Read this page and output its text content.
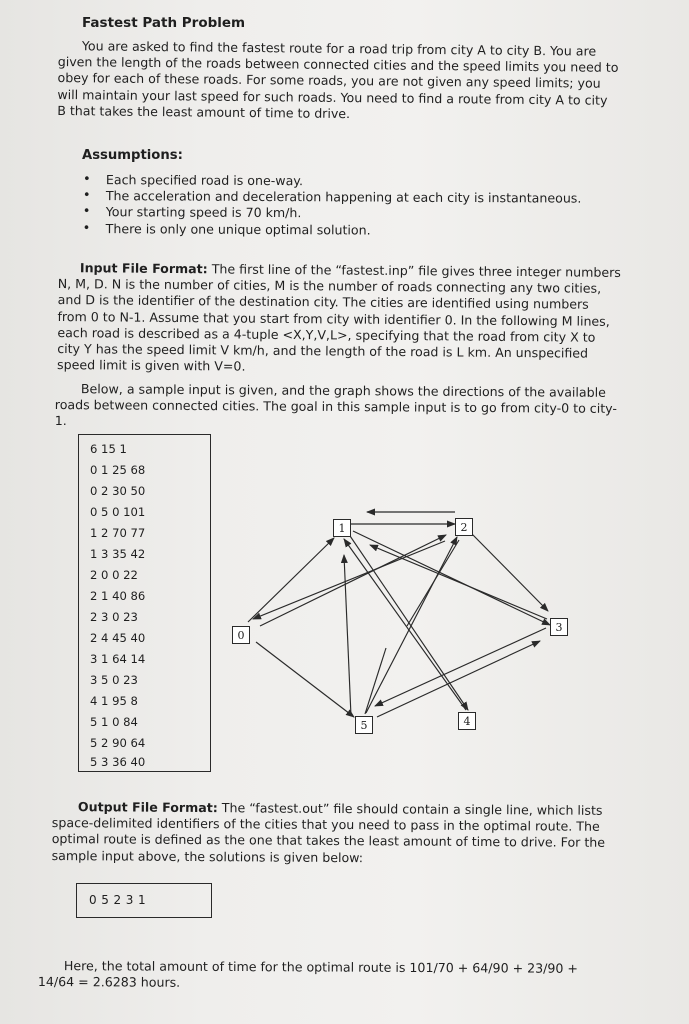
Fastest Path Problem
You are asked to find the fastest route for a road trip from city A to city B. You are
given the length of the roads between connected cities and the speed limits you need to
obey for each of these roads. For some roads, you are not given any speed limits; you
will maintain your last speed for such roads. You need to find a route from city A to city
B that takes the least amount of time to drive.
Assumptions:
• Each specified road is one-way.
• The acceleration and deceleration happening at each city is instantaneous.
• Your starting speed is 70 km/h.
• There is only one unique optimal solution.
Input File Format: The first line of the “fastest.inp” file gives three integer numbers
N, M, D. N is the number of cities, M is the number of roads connecting any two cities,
and D is the identifier of the destination city. The cities are identified using numbers
from 0 to N-1. Assume that you start from city with identifier 0. In the following M lines,
each road is described as a 4-tuple <X,Y,V,L>, specifying that the road from city X to
city Y has the speed limit V km/h, and the length of the road is L km. An unspecified
speed limit is given with V=0.
Below, a sample input is given, and the graph shows the directions of the available
roads between connected cities. The goal in this sample input is to go from city-0 to city-
1.
6 15 1
0 1 25 68
0 2 30 50
0 5 0 101
1 2 70 77
1 3 35 42
2 0 0 22
2 1 40 86
2 3 0 23
2 4 45 40
3 1 64 14
3 5 0 23
4 1 95 8
5 1 0 84
5 2 90 64
5 3 36 40
0
1	2
3
4
5
Output File Format: The “fastest.out” file should contain a single line, which lists
space-delimited identifiers of the cities that you need to pass in the optimal route. The
optimal route is defined as the one that takes the least amount of time to drive. For the
sample input above, the solutions is given below:
0 5 2 3 1
Here, the total amount of time for the optimal route is 101/70 + 64/90 + 23/90 +
14/64 = 2.6283 hours.
